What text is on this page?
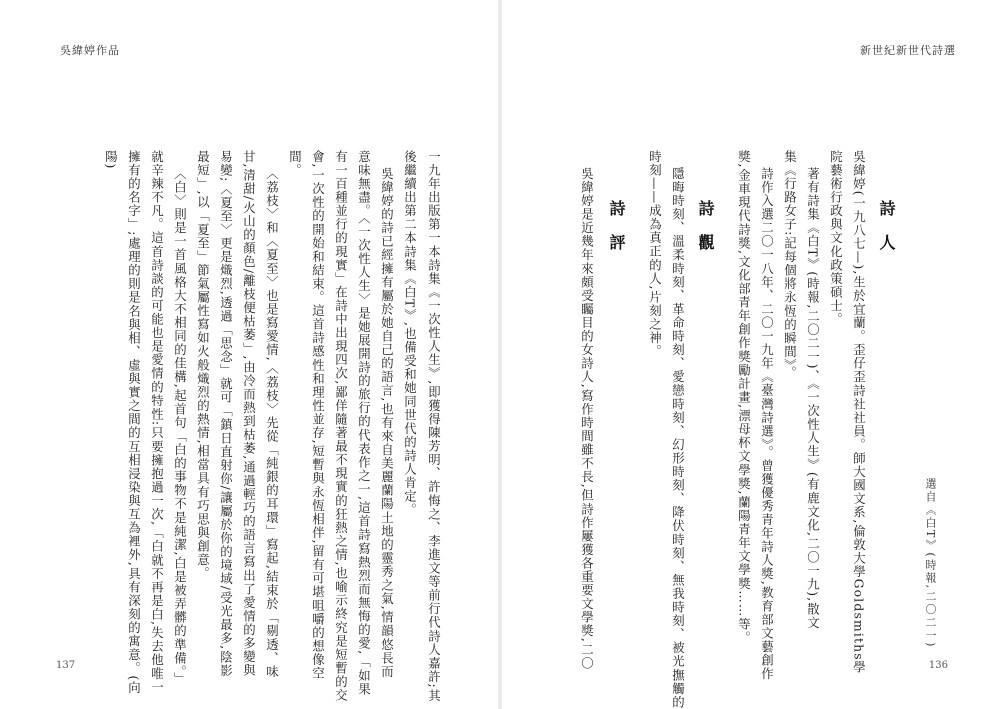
吳緯婷作品
一九年出版第一本詩集《一次性人生》,即獲得陳芳明、許悔之、李進文等前行代詩人嘉許;其
後繼續出第二本詩集《白T》,也備受和她同世代的詩人肯定。
吳緯婷的詩已經擁有屬於她自己的語言,也有來自美麗蘭陽土地的靈秀之氣,情韻悠長而
意味無盡。〈一次性人生〉是她展開詩的旅行的代表作之一,這首詩寫熱烈而無悔的愛,「如果
有一百種並行的現實」在詩中出現四次,鄙佯隨著最不現實的狂熱之情,也喻示終究是短暫的交
會,一次性的開始和結束。這首詩感性和理性並存,短暫與永恆相伴,留有可堪咀嚼的想像空
間。
〈荔枝〉和〈夏至〉也是寫愛情,〈荔枝〉先從「純銀的耳環」寫起,結束於「剔透、味
甘,清甜/火山的顏色/離枝便枯萎」,由冷而熱到枯萎,通過輕巧的語言寫出了愛情的多變與
易變;〈夏至〉更是熾烈,透過「思念」就可「鎮日直射你/讓屬於你的境域/受光最多,陰影
最短」,以「夏至」節氣屬性寫如火般熾烈的熱情,相當具有巧思與創意。
〈白〉則是一首風格大不相同的佳構,起首句「白的事物不是純潔,白是被弄髒的準備。」
就辛辣不凡。這首詩談的可能也是愛情的特性:只要擁抱過一次,「白就不再是白,失去他唯一
擁有的名字」;處理的則是名與相、虛與實之間的互相浸染與互為裡外,具有深刻的寓意。(向
陽)
137
新世紀新世代詩選
詩人
吳緯婷(一九八七—),生於宜蘭。歪仔歪詩社社員。師大國文系,倫敦大學Goldsmiths學
院藝術行政與文化政策碩士。
著有詩集《白T》(時報,二〇二一)、《一次性人生》(有鹿文化,二〇一九),散文
集《行路女子:記每個將永恆的瞬間》。
詩作入選二〇一八年、二〇一九年《臺灣詩選》。曾獲優秀青年詩人獎,教育部文藝創作
獎,金車現代詩獎,文化部青年創作獎勵計畫,漂母杯文學獎,蘭陽青年文學獎……等。
詩觀
隱晦時刻、溫柔時刻、革命時刻、愛戀時刻、幻形時刻、降伏時刻、無我時刻、被光撫觸的
時刻——成為真正的人,片刻之神。
詩評
吳緯婷是近幾年來頗受矚目的女詩人,寫作時間雖不長,但詩作屢獲各重要文學獎,二〇	選自《白T》(時報,二〇二一)
136
